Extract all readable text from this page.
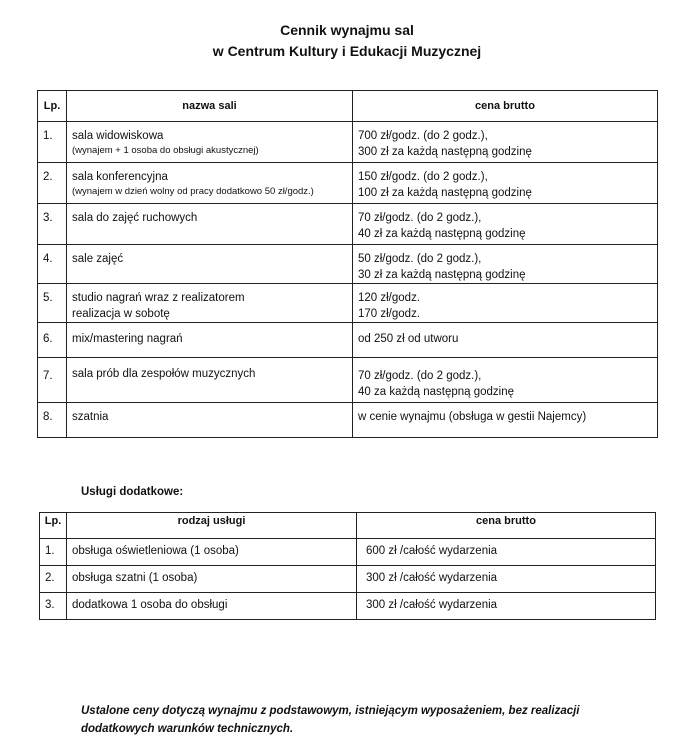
Cennik wynajmu sal
w Centrum Kultury i Edukacji Muzycznej
Lp.	nazwa sali	cena brutto

1.	sala widowiskowa
(wynajem + 1 osoba do obsługi akustycznej)	700 zł/godz. (do 2 godz.),
300 zł za każdą następną godzinę

2.	sala konferencyjna
(wynajem w dzień wolny od pracy dodatkowo 50 zł/godz.)	150 zł/godz. (do 2 godz.),
100 zł za każdą następną godzinę

3.	sala do zajęć ruchowych	70 zł/godz. (do 2 godz.),
40 zł za każdą następną godzinę

4.	sale zajęć	50 zł/godz. (do 2 godz.),
30 zł za każdą następną godzinę

5.	studio nagrań wraz z realizatorem
realizacja w sobotę	120 zł/godz.
170 zł/godz.

6.	mix/mastering nagrań	od 250 zł od utworu

7.	sala prób dla zespołów muzycznych	70 zł/godz. (do 2 godz.),
40 za każdą następną godzinę

8.	szatnia	w cenie wynajmu (obsługa w gestii Najemcy)
Usługi dodatkowe:
Lp.	rodzaj usługi	cena brutto

1.	obsługa oświetleniowa (1 osoba)	600 zł /całość wydarzenia

2.	obsługa szatni (1 osoba)	300 zł /całość wydarzenia

3.	dodatkowa 1 osoba do obsługi	300 zł /całość wydarzenia
Ustalone ceny dotyczą wynajmu z podstawowym, istniejącym wyposażeniem, bez realizacji dodatkowych warunków technicznych.
